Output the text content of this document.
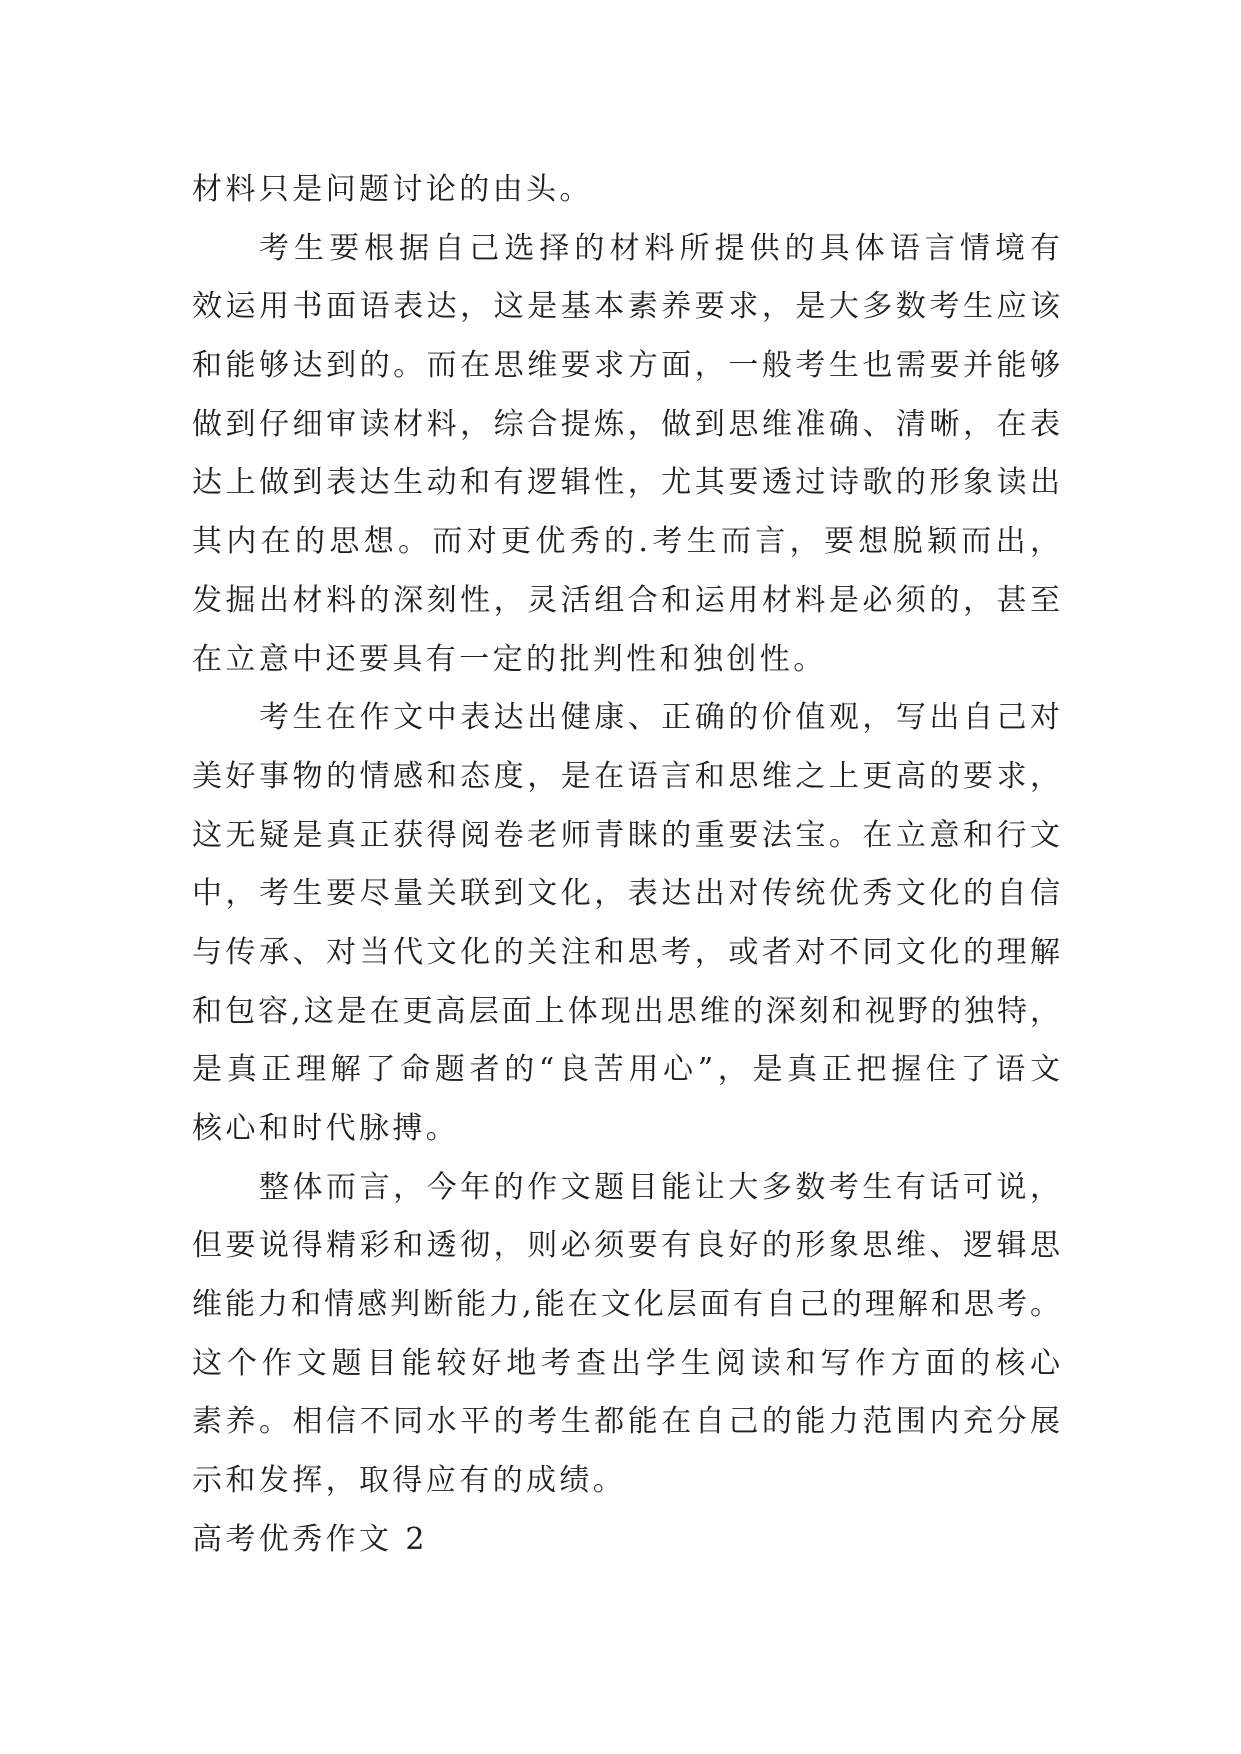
材料只是问题讨论的由头。
考生要根据自己选择的材料所提供的具体语言情境有
效运用书面语表达，这是基本素养要求，是大多数考生应该
和能够达到的。而在思维要求方面，一般考生也需要并能够
做到仔细审读材料，综合提炼，做到思维准确、清晰，在表
达上做到表达生动和有逻辑性，尤其要透过诗歌的形象读出
其内在的思想。而对更优秀的.考生而言，要想脱颖而出，
发掘出材料的深刻性，灵活组合和运用材料是必须的，甚至
在立意中还要具有一定的批判性和独创性。
考生在作文中表达出健康、正确的价值观，写出自己对
美好事物的情感和态度，是在语言和思维之上更高的要求，
这无疑是真正获得阅卷老师青睐的重要法宝。在立意和行文
中，考生要尽量关联到文化，表达出对传统优秀文化的自信
与传承、对当代文化的关注和思考，或者对不同文化的理解
和包容,这是在更高层面上体现出思维的深刻和视野的独特，
是真正理解了命题者的“良苦用心”，是真正把握住了语文
核心和时代脉搏。
整体而言，今年的作文题目能让大多数考生有话可说，
但要说得精彩和透彻，则必须要有良好的形象思维、逻辑思
维能力和情感判断能力,能在文化层面有自己的理解和思考。
这个作文题目能较好地考查出学生阅读和写作方面的核心
素养。相信不同水平的考生都能在自己的能力范围内充分展
示和发挥，取得应有的成绩。
高考优秀作文 2
